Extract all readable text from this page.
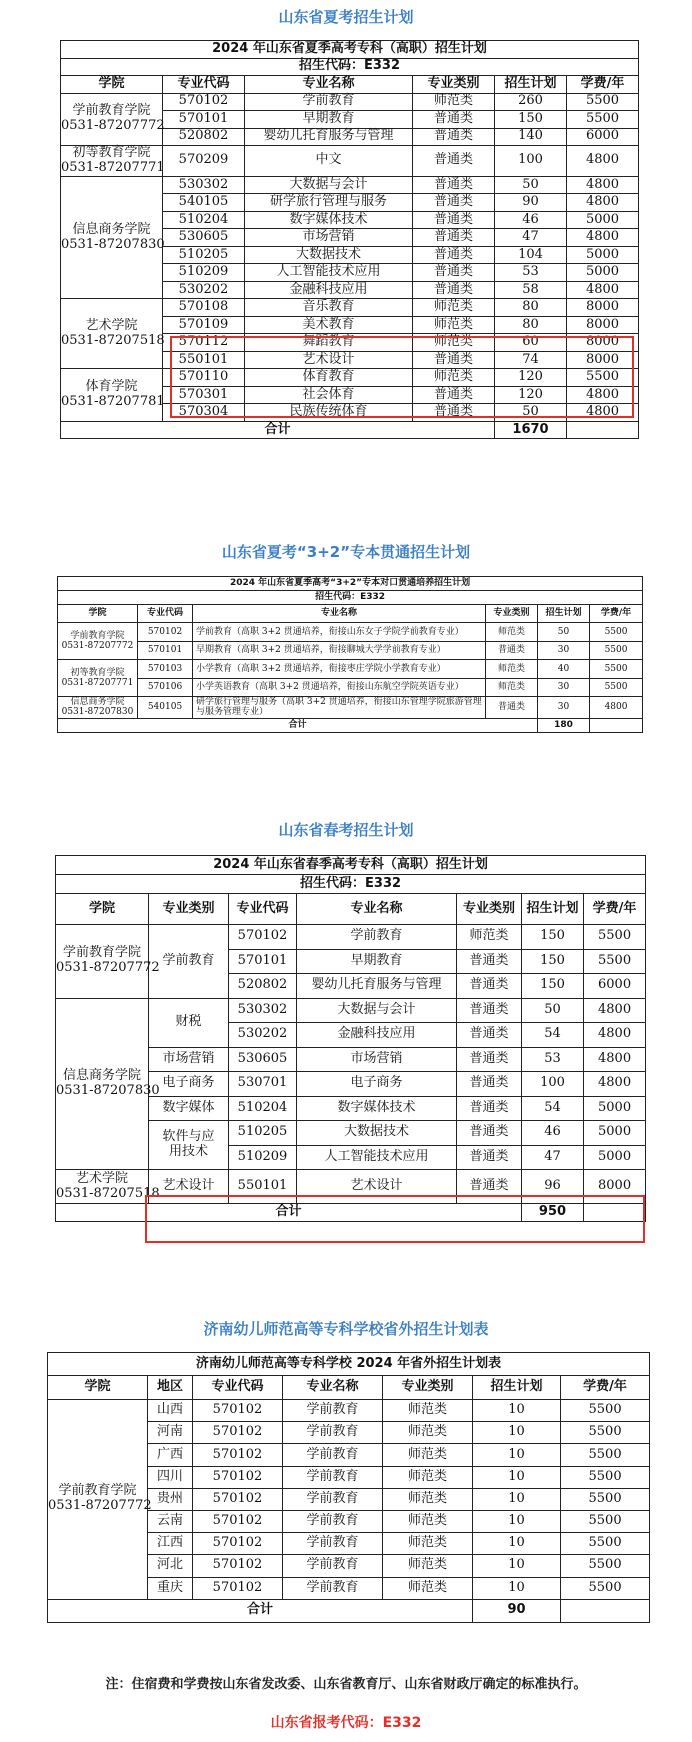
山东省夏考招生计划
2024 年山东省夏季高考专科（高职）招生计划					
招生代码：E332					
学院	专业代码	专业名称	专业类别	招生计划	学费/年
学前教育学院
0531-87207772	570102	学前教育	师范类	260	5500
	570101	早期教育	普通类	150	5500
	520802	婴幼儿托育服务与管理	普通类	140	6000
初等教育学院
0531-87207771	570209	中文	普通类	100	4800
信息商务学院
0531-87207830	530302	大数据与会计	普通类	50	4800
	540105	研学旅行管理与服务	普通类	90	4800
	510204	数字媒体技术	普通类	46	5000
	530605	市场营销	普通类	47	4800
	510205	大数据技术	普通类	104	5000
	510209	人工智能技术应用	普通类	53	5000
	530202	金融科技应用	普通类	58	4800
艺术学院
0531-87207518	570108	音乐教育	师范类	80	8000
	570109	美术教育	师范类	80	8000
	570112	舞蹈教育	师范类	60	8000
	550101	艺术设计	普通类	74	8000
体育学院
0531-87207781	570110	体育教育	师范类	120	5500
	570301	社会体育	普通类	120	4800
	570304	民族传统体育	普通类	50	4800
合计				1670	
山东省夏考“3+2”专本贯通招生计划
2024 年山东省夏季高考“3+2”专本对口贯通培养招生计划					
招生代码：E332					
学院	专业代码	专业名称	专业类别	招生计划	学费/年
学前教育学院
0531-87207772	570102	学前教育（高职 3+2 贯通培养，衔接山东女子学院学前教育专业）	师范类	50	5500
	570101	早期教育（高职 3+2 贯通培养，衔接聊城大学学前教育专业）	普通类	30	5500
初等教育学院
0531-87207771	570103	小学教育（高职 3+2 贯通培养，衔接枣庄学院小学教育专业）	师范类	40	5500
	570106	小学英语教育（高职 3+2 贯通培养，衔接山东航空学院英语专业）	师范类	30	5500
信息商务学院
0531-87207830	540105	研学旅行管理与服务（高职 3+2 贯通培养，衔接山东管理学院旅游管理与服务管理专业）	普通类	30	4800
合计				180	
山东省春考招生计划
2024 年山东省春季高考专科（高职）招生计划						
招生代码：E332						
学院	专业类别	专业代码	专业名称	专业类别	招生计划	学费/年
学前教育学院
0531-87207772	学前教育	570102	学前教育	师范类	150	5500
		570101	早期教育	普通类	150	5500
		520802	婴幼儿托育服务与管理	普通类	150	6000
信息商务学院
0531-87207830	财税	530302	大数据与会计	普通类	50	4800
		530202	金融科技应用	普通类	54	4800
	市场营销	530605	市场营销	普通类	53	4800
	电子商务	530701	电子商务	普通类	100	4800
	数字媒体	510204	数字媒体技术	普通类	54	5000
	软件与应用技术	510205	大数据技术	普通类	46	5000
		510209	人工智能技术应用	普通类	47	5000
艺术学院
0531-87207518	艺术设计	550101	艺术设计	普通类	96	8000
合计					950	
济南幼儿师范高等专科学校省外招生计划表
济南幼儿师范高等专科学校 2024 年省外招生计划表						
学院	地区	专业代码	专业名称	专业类别	招生计划	学费/年
学前教育学院
0531-87207772	山西	570102	学前教育	师范类	10	5500
	河南	570102	学前教育	师范类	10	5500
	广西	570102	学前教育	师范类	10	5500
	四川	570102	学前教育	师范类	10	5500
	贵州	570102	学前教育	师范类	10	5500
	云南	570102	学前教育	师范类	10	5500
	江西	570102	学前教育	师范类	10	5500
	河北	570102	学前教育	师范类	10	5500
	重庆	570102	学前教育	师范类	10	5500
合计					90	
注：住宿费和学费按山东省发改委、山东省教育厅、山东省财政厅确定的标准执行。
山东省报考代码：E332
